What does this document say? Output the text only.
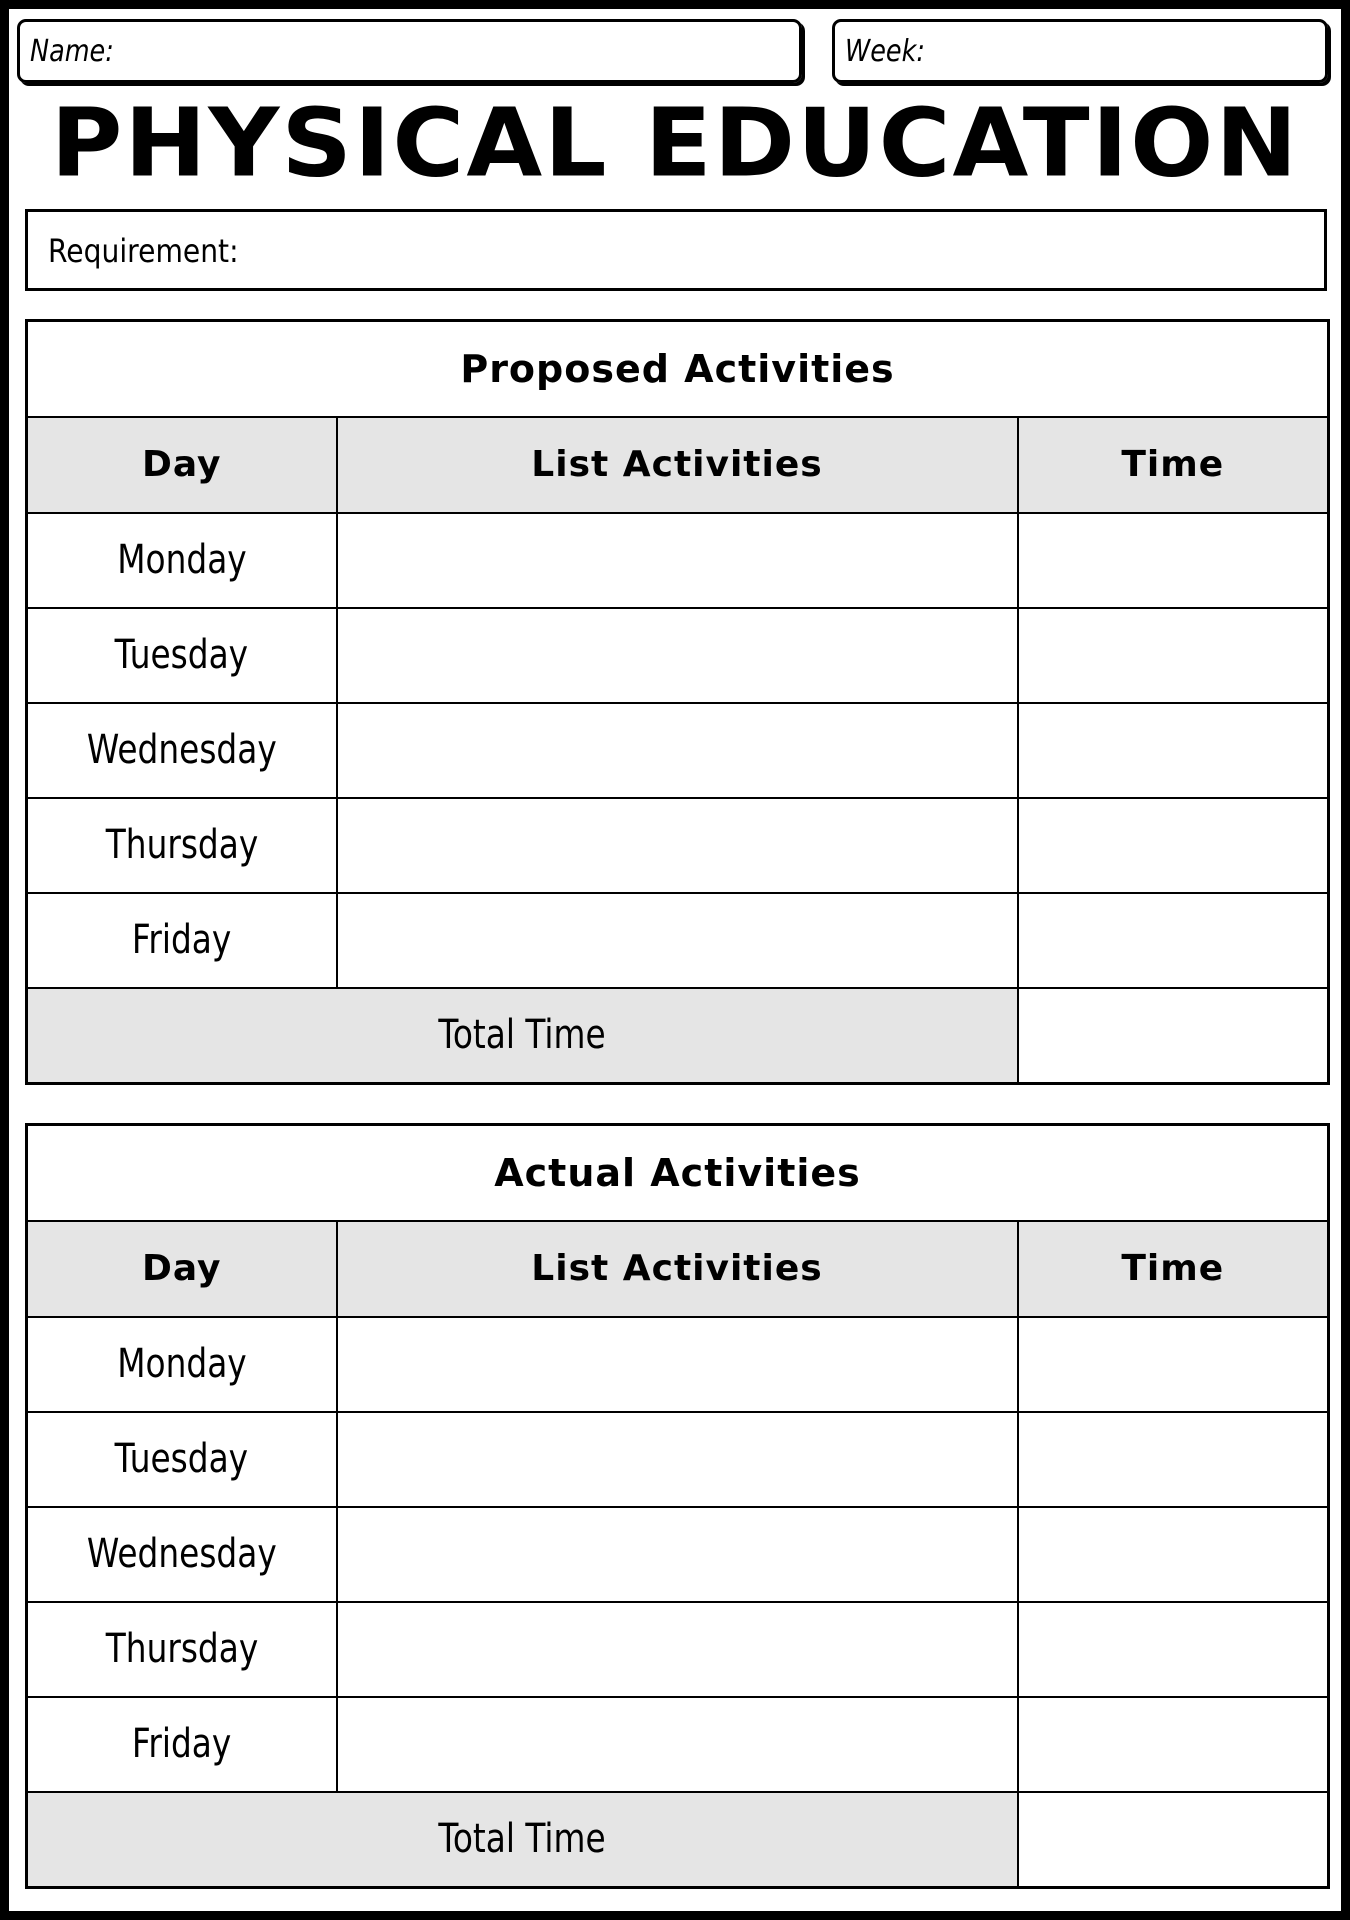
Name:	Week:
PHYSICAL EDUCATION
Requirement:
Proposed Activities		
Day	List Activities	Time
Monday		
Tuesday		
Wednesday		
Thursday		
Friday		
Total Time		
Actual Activities		
Day	List Activities	Time
Monday		
Tuesday		
Wednesday		
Thursday		
Friday		
Total Time		
